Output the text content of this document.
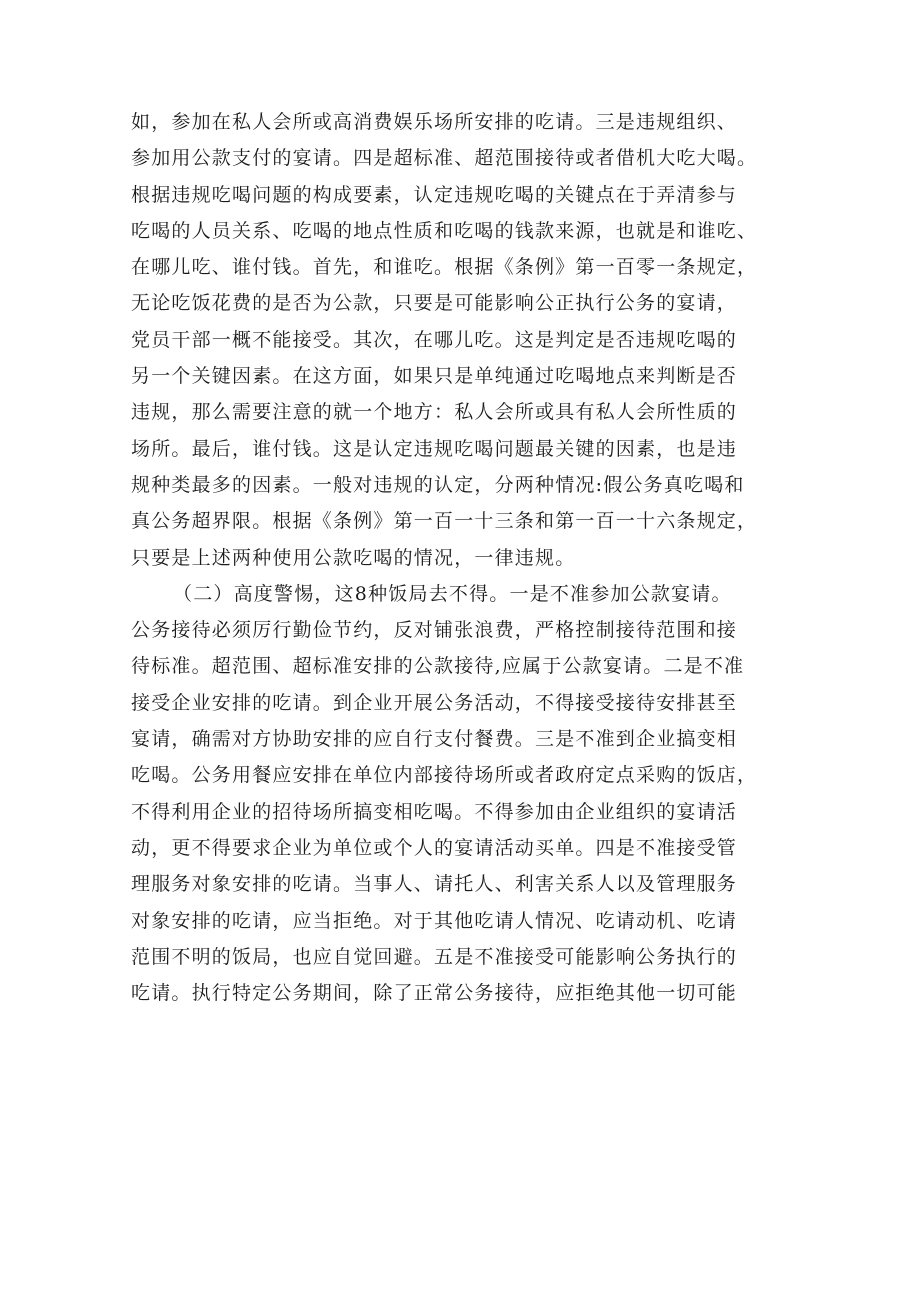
如，参加在私人会所或高消费娱乐场所安排的吃请。三是违规组织、
参加用公款支付的宴请。四是超标准、超范围接待或者借机大吃大喝。
根据违规吃喝问题的构成要素，认定违规吃喝的关键点在于弄清参与
吃喝的人员关系、吃喝的地点性质和吃喝的钱款来源，也就是和谁吃、
在哪儿吃、谁付钱。首先，和谁吃。根据《条例》第一百零一条规定，
无论吃饭花费的是否为公款，只要是可能影响公正执行公务的宴请，
党员干部一概不能接受。其次，在哪儿吃。这是判定是否违规吃喝的
另一个关键因素。在这方面，如果只是单纯通过吃喝地点来判断是否
违规，那么需要注意的就一个地方：私人会所或具有私人会所性质的
场所。最后，谁付钱。这是认定违规吃喝问题最关键的因素，也是违
规种类最多的因素。一般对违规的认定，分两种情况:假公务真吃喝和
真公务超界限。根据《条例》第一百一十三条和第一百一十六条规定，
只要是上述两种使用公款吃喝的情况，一律违规。
（二）高度警惕，这8种饭局去不得。一是不准参加公款宴请。
公务接待必须厉行勤俭节约，反对铺张浪费，严格控制接待范围和接
待标准。超范围、超标准安排的公款接待,应属于公款宴请。二是不准
接受企业安排的吃请。到企业开展公务活动，不得接受接待安排甚至
宴请，确需对方协助安排的应自行支付餐费。三是不准到企业搞变相
吃喝。公务用餐应安排在单位内部接待场所或者政府定点采购的饭店，
不得利用企业的招待场所搞变相吃喝。不得参加由企业组织的宴请活
动，更不得要求企业为单位或个人的宴请活动买单。四是不准接受管
理服务对象安排的吃请。当事人、请托人、利害关系人以及管理服务
对象安排的吃请，应当拒绝。对于其他吃请人情况、吃请动机、吃请
范围不明的饭局，也应自觉回避。五是不准接受可能影响公务执行的
吃请。执行特定公务期间，除了正常公务接待，应拒绝其他一切可能
